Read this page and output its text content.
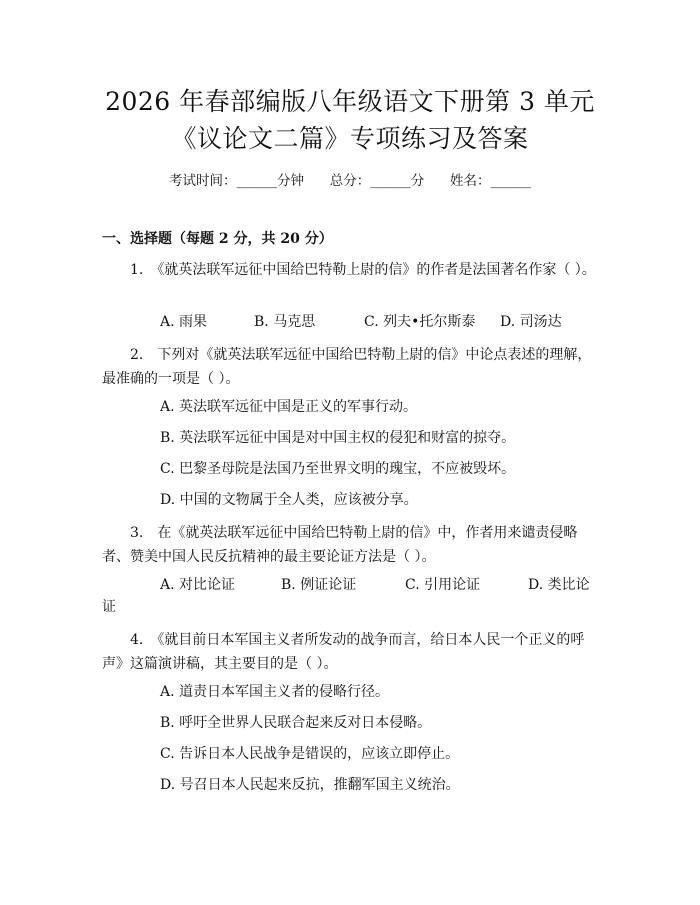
2026 年春部编版八年级语文下册第 3 单元
《议论文二篇》专项练习及答案
考试时间：______分钟      总分：______分      姓名：______
一、选择题（每题 2 分，共 20 分）
1.　《就英法联军远征中国给巴特勒上尉的信》的作者是法国著名作家（ ）。
A. 雨果	B. 马克思	C. 列夫•托尔斯泰 D. 司汤达
2.　下列对《就英法联军远征中国给巴特勒上尉的信》中论点表述的理解，最准确的一项是（ ）。
A. 英法联军远征中国是正义的军事行动。
B. 英法联军远征中国是对中国主权的侵犯和财富的掠夺。
C. 巴黎圣母院是法国乃至世界文明的瑰宝，不应被毁坏。
D. 中国的文物属于全人类，应该被分享。
3.　在《就英法联军远征中国给巴特勒上尉的信》中，作者用来谴责侵略者、赞美中国人民反抗精神的最主要论证方法是（ ）。
A. 对比论证	B. 例证论证	C. 引用论证	D. 类比论
证
4.　《就目前日本军国主义者所发动的战争而言，给日本人民一个正义的呼声》这篇演讲稿，其主要目的是（ ）。
A. 道责日本军国主义者的侵略行径。
B. 呼吁全世界人民联合起来反对日本侵略。
C. 告诉日本人民战争是错误的，应该立即停止。
D. 号召日本人民起来反抗，推翻军国主义统治。
